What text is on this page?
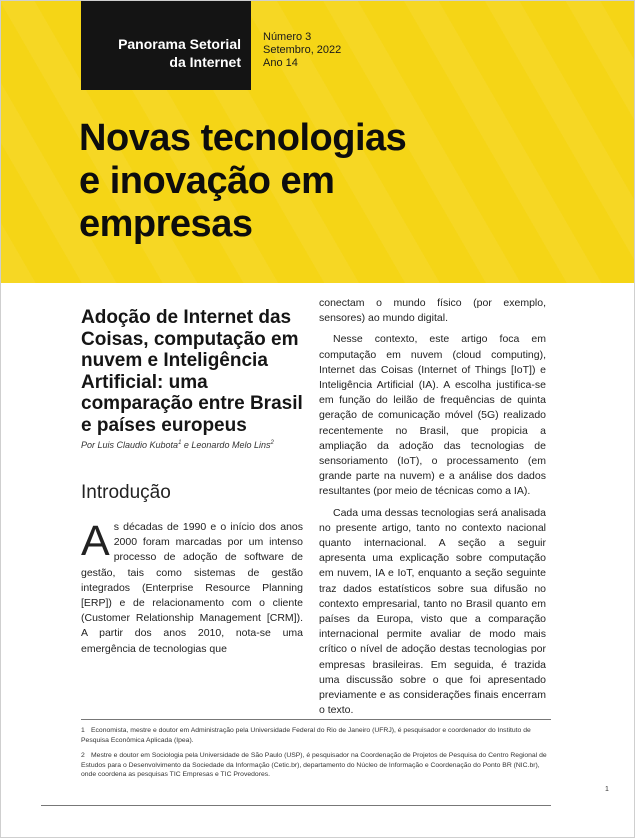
Panorama Setorial
da Internet
Número 3
Setembro, 2022
Ano 14
Novas tecnologias
e inovação em
empresas
Adoção de Internet das Coisas, computação em nuvem e Inteligência Artificial: uma comparação entre Brasil e países europeus

Por Luis Claudio Kubota$^1$ e Leonardo Melo Lins$^2$

Introdução
A s décadas de 1990 e o início dos anos 2000 foram marcadas por um intenso processo de adoção de software de gestão, tais como sistemas de gestão integrados (Enterprise Resource Planning [ERP]) e de relacionamento com o cliente (Customer Relationship Management [CRM]). A partir dos anos 2010, nota-se uma emergência de tecnologias que

conectam o mundo físico (por exemplo, sensores) ao mundo digital.

Nesse contexto, este artigo foca em computação em nuvem (cloud computing), Internet das Coisas (Internet of Things [IoT]) e Inteligência Artificial (IA). A escolha justifica-se em função do leilão de frequências de quinta geração de comunicação móvel (5G) realizado recentemente no Brasil, que propicia a ampliação da adoção das tecnologias de sensoriamento (IoT), o processamento (em grande parte na nuvem) e a análise dos dados resultantes (por meio de técnicas como a IA).

Cada uma dessas tecnologias será analisada no presente artigo, tanto no contexto nacional quanto internacional. A seção a seguir apresenta uma explicação sobre computação em nuvem, IA e IoT, enquanto a seção seguinte traz dados estatísticos sobre sua difusão no contexto empresarial, tanto no Brasil quanto em países da Europa, visto que a comparação internacional permite avaliar de modo mais crítico o nível de adoção destas tecnologias por empresas brasileiras. Em seguida, é trazida uma discussão sobre o que foi apresentado previamente e as considerações finais encerram o texto.

1 Economista, mestre e doutor em Administração pela Universidade Federal do Rio de Janeiro (UFRJ), é pesquisador e coordenador do Instituto de Pesquisa Econômica Aplicada (Ipea).

2 Mestre e doutor em Sociologia pela Universidade de São Paulo (USP), é pesquisador na Coordenação de Projetos de Pesquisa do Centro Regional de Estudos para o Desenvolvimento da Sociedade da Informação (Cetic.br), departamento do Núcleo de Informação e Coordenação do Ponto BR (NIC.br), onde coordena as pesquisas TIC Empresas e TIC Provedores.

1
